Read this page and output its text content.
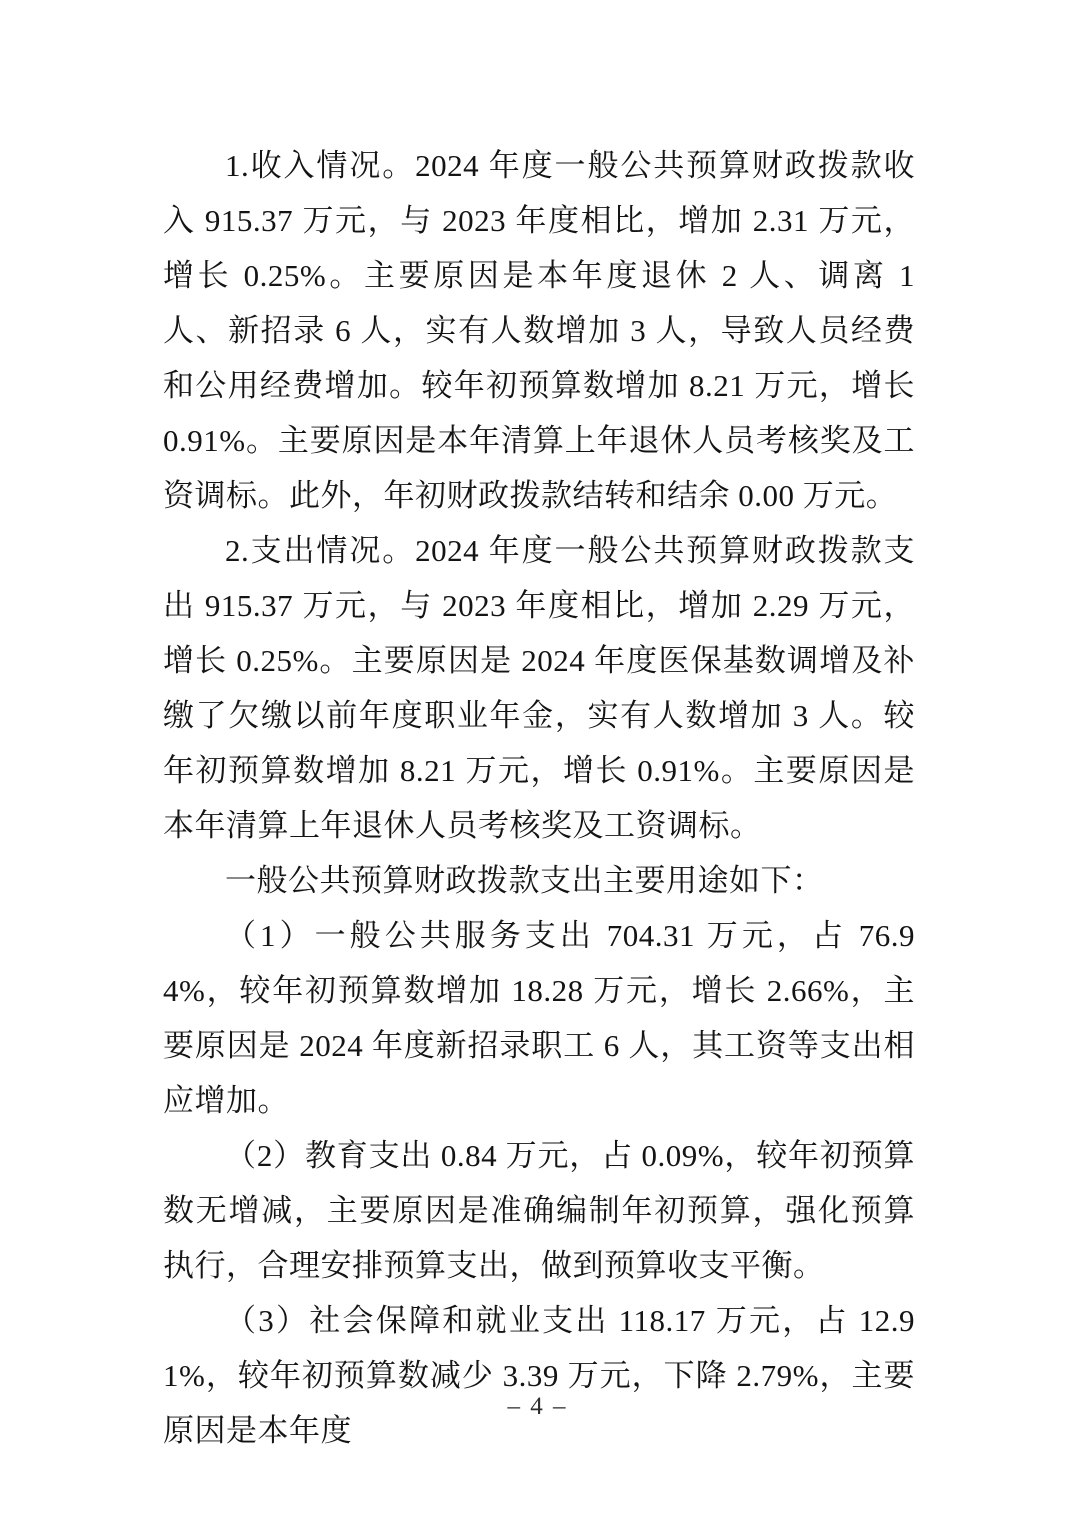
1.收入情况。2024 年度一般公共预算财政拨款收入 915.37 万元，与 2023 年度相比，增加 2.31 万元，增长 0.25%。主要原因是本年度退休 2 人、调离 1 人、新招录 6 人，实有人数增加 3 人，导致人员经费和公用经费增加。较年初预算数增加 8.21 万元，增长 0.91%。主要原因是本年清算上年退休人员考核奖及工资调标。此外，年初财政拨款结转和结余 0.00 万元。

2.支出情况。2024 年度一般公共预算财政拨款支出 915.37 万元，与 2023 年度相比，增加 2.29 万元，增长 0.25%。主要原因是 2024 年度医保基数调增及补缴了欠缴以前年度职业年金，实有人数增加 3 人。较年初预算数增加 8.21 万元，增长 0.91%。主要原因是本年清算上年退休人员考核奖及工资调标。

一般公共预算财政拨款支出主要用途如下：

（1）一般公共服务支出 704.31 万元，占 76.94%，较年初预算数增加 18.28 万元，增长 2.66%，主要原因是 2024 年度新招录职工 6 人，其工资等支出相应增加。

（2）教育支出 0.84 万元，占 0.09%，较年初预算数无增减，主要原因是准确编制年初预算，强化预算执行，合理安排预算支出，做到预算收支平衡。

（3）社会保障和就业支出 118.17 万元，占 12.91%，较年初预算数减少 3.39 万元，下降 2.79%，主要原因是本年度

– 4 –
